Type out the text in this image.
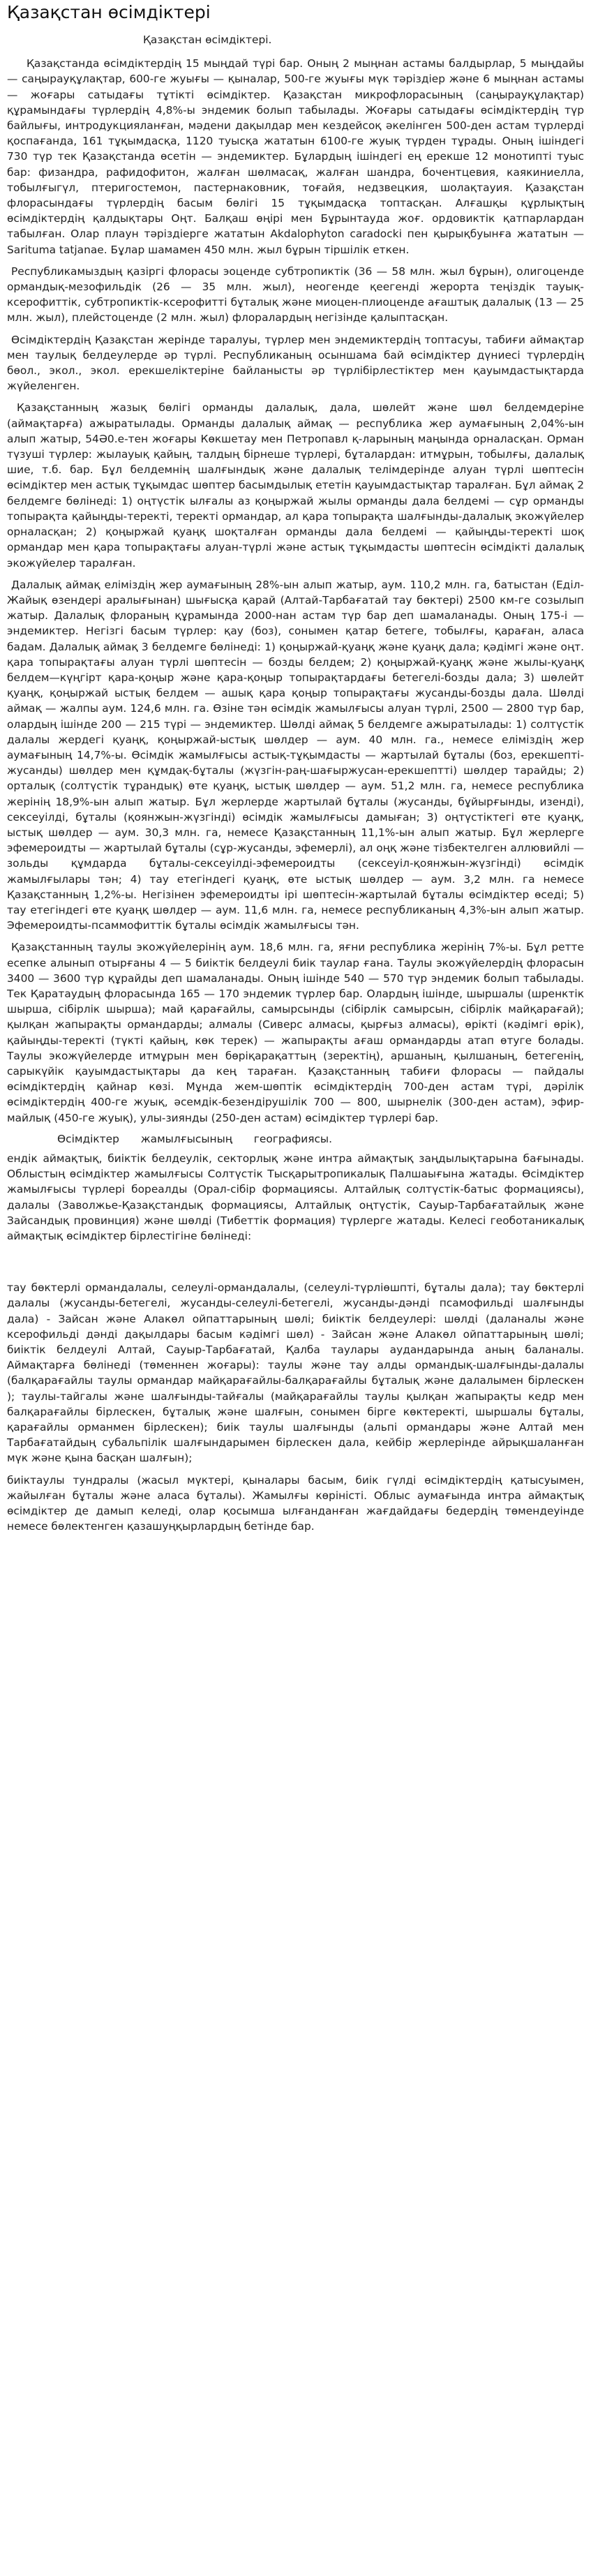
Қазақстан өсімдіктері
Қазақстан өсімдіктері.

Қазақстанда өсімдіктердің 15 мыңдай түрі бар. Оның 2 мыңнан астамы балдырлар, 5 мыңдайы — саңырауқұлақтар, 600-ге жуығы — қыналар, 500-ге жуығы мүк тәріздіер және 6 мыңнан астамы — жоғары сатыдағы тұтікті өсімдіктер. Қазақстан микрофлорасының (саңырауқұлақтар) құрамындағы түрлердің 4,8%-ы эндемик болып табылады. Жоғары сатыдағы өсімдіктердің түр байлығы, интродукцияланған, мәдени дақылдар мен кездейсоқ әкелінген 500-ден астам түрлерді қоспағанда, 161 тұқымдасқа, 1120 туысқа жататын 6100-ге жуық түрден тұрады. Оның ішіндегі 730 түр тек Қазақстанда өсетін — эндемиктер. Бұлардың ішіндегі ең ерекше 12 монотипті туыс бар: физандра, рафидофитон, жалған шөлмасақ, жалған шандра, бочентцевия, каякиниелла, тобылғыгүл, птеригостемон, пастернаковник, тоғайя, недзвецкия, шолақтауия. Қазақстан флорасындағы түрлердің басым бөлігі 15 тұқымдасқа топтасқан. Алғашқы құрлықтың өсімдіктердің қалдықтары Оңт. Балқаш өңірі мен Бұрынтауда жоғ. ордовиктік қатпарлардан табылған. Олар плаун тәріздіерге жататын Akdalophyton caradocki пен қырықбуынға жататын — Saritumа tatjanae. Бұлар шамамен 450 млн. жыл бұрын тіршілік еткен.

Республикамыздың қазіргі флорасы эоценде субтропиктік (36 — 58 млн. жыл бұрын), олигоценде ормандық-мезофильдік (26 — 35 млн. жыл), неогенде қеегенді жерорта теңіздік тауық-ксерофиттік, субтропиктік-ксерофитті бұталық және миоцен-плиоценде ағаштық далалық (13 — 25 млн. жыл), плейстоценде (2 млн. жыл) флоралардың негізінде қалыптасқан.

Өсімдіктердің Қазақстан жерінде таралуы, түрлер мен эндемиктердің топтасуы, табиғи аймақтар мен таулық белдеулерде әр түрлі. Республиканың осыншама бай өсімдіктер дүниесі түрлердің бөол., экол., экол. ерекшеліктеріне байланысты әр түрлібірлестіктер мен қауымдастықтарда жүйеленген.

Қазақстанның жазық бөлігі орманды далалық, дала, шөлейт және шөл белдемдеріне (аймақтарға) ажыратылады. Орманды далалық аймақ — республика жер аумағының 2,04%-ын алып жатыр, 54Ә0.е-тен жоғары Көкшетау мен Петропавл қ-ларының маңында орналасқан. Орман түзуші түрлер: жылауық қайың, талдың бірнеше түрлері, бұталардан: итмұрын, тобылғы, далалық шие, т.б. бар. Бұл белдемнің шалғындық және далалық телімдерінде алуан түрлі шөптесін өсімдіктер мен астық тұқымдас шөптер басымдылық ететін қауымдастықтар таралған. Бұл аймақ 2 белдемге бөлінеді: 1) оңтүстік ылғалы аз қоңыржай жылы орманды дала белдемі — сұр орманды топырақта қайыңды-теректі, теректі ормандар, ал қара топырақта шалғынды-далалық экожүйелер орналасқан; 2) қоңыржай қуаңқ шоқталған орманды дала белдемі — қайыңды-теректі шоқ ормандар мен қара топырақтағы алуан-түрлі және астық тұқымдасты шөптесін өсімдікті далалық экожүйелер таралған.

Далалық аймақ еліміздің жер аумағының 28%-ын алып жатыр, аум. 110,2 млн. га, батыстан (Еділ-Жайық өзендері аралығынан) шығысқа қарай (Алтай-Тарбағатай тау бөктері) 2500 км-ге созылып жатыр. Далалық флораның құрамында 2000-нан астам түр бар деп шамаланады. Оның 175-і — эндемиктер. Негізгі басым түрлер: қау (боз), сонымен қатар бетеге, тобылғы, қараған, аласа бадам. Далалық аймақ 3 белдемге бөлінеді: 1) қоңыржай-қуаңқ және қуаңқ дала; қәдімгі және оңт. қара топырақтағы алуан түрлі шөптесін — бозды белдем; 2) қоңыржай-қуаңқ және жылы-қуаңқ белдем—күңгірт қара-қоңыр және қара-қоңыр топырақтардағы бетегелі-бозды дала; 3) шөлейт қуаңқ, қоңыржай ыстық белдем — ашық қара қоңыр топырақтағы жусанды-бозды дала. Шөлді аймақ — жалпы аум. 124,6 млн. га. Өзіне тән өсімдік жамылғысы алуан түрлі, 2500 — 2800 түр бар, олардың ішінде 200 — 215 түрі — эндемиктер. Шөлді аймақ 5 белдемге ажыратылады: 1) солтүстік далалы жердегі қуаңқ, қоңыржай-ыстық шөлдер — аум. 40 млн. га., немесе еліміздің жер аумағының 14,7%-ы. Өсімдік жамылғысы астық-тұқымдасты — жартылай бұталы (боз, ерекшепті-жусанды) шөлдер мен құмдақ-бұталы (жүзгін-раң-шағыржусан-ерекшептті) шөлдер тарайды; 2) орталық (солтүстік тұрандық) өте қуаңқ, ыстық шөлдер — аум. 51,2 млн. га, немесе республика жерінің 18,9%-ын алып жатыр. Бұл жерлерде жартылай бұталы (жусанды, бұйырғынды, изенді), сексеуілді, бұталы (қоянжын-жүзгінді) өсімдік жамылғысы дамыған; 3) оңтүстіктегі өте қуаңқ, ыстық шөлдер — аум. 30,3 млн. га, немесе Қазақстанның 11,1%-ын алып жатыр. Бұл жерлерге эфемероидты — жартылай бұталы (сұр-жусанды, эфемерлі), ал оңқ және тізбектелген аллювийлі — зольды құмдарда бұталы-сексеуілді-эфемероидты (сексеуіл-қоянжын-жүзгінді) өсімдік жамылғылары тән; 4) тау етегіндегі қуаңқ, өте ыстық шөлдер — аум. 3,2 млн. га немесе Қазақстанның 1,2%-ы. Негізінен эфемероидты ірі шөптесін-жартылай бұталы өсімдіктер өседі; 5) тау етегіндегі өте қуаңқ шөлдер — аум. 11,6 млн. га, немесе республиканың 4,3%-ын алып жатыр. Эфемероидты-псаммофиттік бұталы өсімдік жамылғысы тән.

Қазақстанның таулы экожүйелерінің аум. 18,6 млн. га, яғни республика жерінің 7%-ы. Бұл ретте есепке алынып отырғаны 4 — 5 биіктік белдеулі биік таулар ғана. Таулы экожүйелердің флорасын 3400 — 3600 түр құрайды деп шамаланады. Оның ішінде 540 — 570 түр эндемик болып табылады. Тек Қаратаудың флорасында 165 — 170 эндемик түрлер бар. Олардың ішінде, шыршалы (шренктік шырша, сібірлік шырша); май қарағайлы, самырсынды (сібірлік самырсын, сібірлік майқарағай); қылқан жапырақты ормандарды; алмалы (Сиверс алмасы, қырғыз алмасы), өрікті (кәдімгі өрік), қайыңды-теректі (түкті қайың, көк терек) — жапырақты ағаш ормандарды атап өтуге болады. Таулы экожүйелерде итмұрын мен бөріқарақаттың (зеректің), аршаның, қылшаның, бетегенің, сарыкүйік қауымдастықтары да кең тараған. Қазақстанның табиғи флорасы — пайдалы өсімдіктердің қайнар көзі. Мұнда жем-шөптік өсімдіктердің 700-ден астам түрі, дәрілік өсімдіктердің 400-ге жуық, әсемдік-безендірушілік 700 — 800, шырнелік (300-ден астам), эфир-майлық (450-ге жуық), улы-зиянды (250-ден астам) өсімдіктер түрлері бар.

Өсімдіктер жамылғысының географиясы.

ендік аймақтық, биіктік белдеулік, секторлық және интра аймақтық заңдылықтарына бағынады. Облыстың өсімдіктер жамылғысы Солтүстік Тысқарытропикалық Палшаығына жатады. Өсімдіктер жамылғысы түрлері бореалды (Орал-сібір формациясы. Алтайлық солтүстік-батыс формациясы), далалы (Заволжье-Қазақстандық формациясы, Алтайлық оңтүстік, Сауыр-Тарбағатайлық және Зайсандық провинция) және шөлді (Тибеттік формация) түрлерге жатады. Келесі геоботаникалық аймақтық өсімдіктер бірлестігіне бөлінеді:

тау бөктерлі ормандалалы, селеулі-ормандалалы, (селеулі-түрліөшпті, бұталы дала); тау бөктерлі далалы (жусанды-бетегелі, жусанды-селеулі-бетегелі, жусанды-дәнді псамофильді шалғынды дала) - Зайсан және Алакөл ойпаттарының шөлі; биіктік белдеулері: шөлді (даланалы және ксерофильді дәнді дақылдары басым кәдімгі шөл) - Зайсан және Алакөл ойпаттарының шөлі; биіктік белдеулі Алтай, Сауыр-Тарбағатай, Қалба таулары аудандарында аның баланалы. Аймақтарға бөлінеді (төменнен жоғары): таулы және тау алды ормандық-шалғынды-далалы (балқарағайлы таулы ормандар майқарағайлы-балқарағайлы бұталық және далалымен бірлескен ); таулы-тайгалы және шалғынды-тайғалы (майқарағайлы таулы қылқан жапырақты кедр мен балқарағайлы бірлескен, бұталық және шалғын, сонымен бірге көктеректі, шыршалы бұталы, қарағайлы орманмен бірлескен); биік таулы шалғынды (альпі ормандары және Алтай мен Тарбағатайдың субальпілік шалғындарымен бірлескен дала, кейбір жерлерінде айрықшаланған мүк және қына басқан шалғын);

биіктаулы тундралы (жасыл мүктері, қыналары басым, биік гүлді өсімдіктердің қатысуымен, жайылған бұталы және аласа бұталы). Жамылғы көріністі. Облыс аумағында интра аймақтық өсімдіктер де дамып келеді, олар қосымша ылғанданған жағдайдағы бедердің төмендеуінде немесе бөлектенген қазашуңқырлардың бетінде бар.
